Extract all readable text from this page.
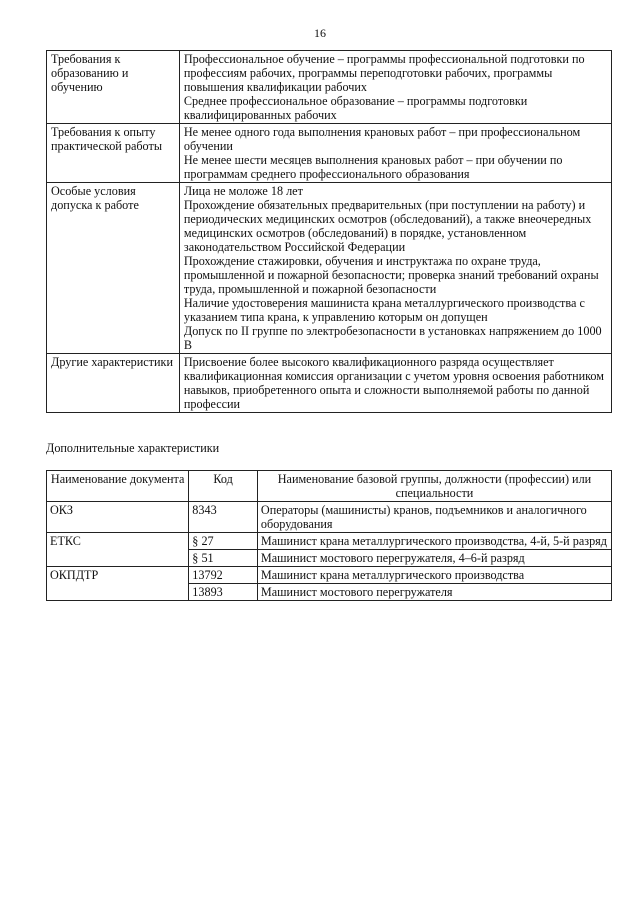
16
Требования к образованию и обучению	Профессиональное обучение – программы профессиональной подготовки по профессиям рабочих, программы переподготовки рабочих, программы повышения квалификации рабочих
Среднее профессиональное образование – программы подготовки квалифицированных рабочих

Требования к опыту практической работы	Не менее одного года выполнения крановых работ – при профессиональном обучении
Не менее шести месяцев выполнения крановых работ – при обучении по программам среднего профессионального образования

Особые условия допуска к работе	Лица не моложе 18 лет
Прохождение обязательных предварительных (при поступлении на работу) и периодических медицинских осмотров (обследований), а также внеочередных медицинских осмотров (обследований) в порядке, установленном законодательством Российской Федерации
Прохождение стажировки, обучения и инструктажа по охране труда, промышленной и пожарной безопасности; проверка знаний требований охраны труда, промышленной и пожарной безопасности
Наличие удостоверения машиниста крана металлургического производства с указанием типа крана, к управлению которым он допущен
Допуск по II группе по электробезопасности в установках напряжением до 1000 В

Другие характеристики	Присвоение более высокого квалификационного разряда осуществляет квалификационная комиссия организации с учетом уровня освоения работником навыков, приобретенного опыта и сложности выполняемой работы по данной профессии
Дополнительные характеристики
Наименование документа	Код	Наименование базовой группы, должности (профессии) или специальности
ОКЗ	8343	Операторы (машинисты) кранов, подъемников и аналогичного оборудования
ЕТКС	§ 27	Машинист крана металлургического производства, 4-й, 5-й разряд
	§ 51	Машинист мостового перегружателя, 4–6-й разряд
ОКПДТР	13792	Машинист крана металлургического производства
	13893	Машинист мостового перегружателя
